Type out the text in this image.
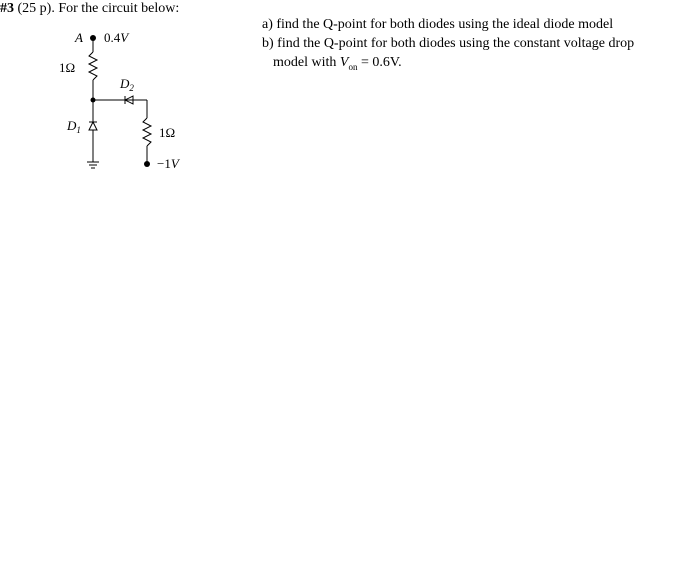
#3 (25 p). For the circuit below:
a) find the Q-point for both diodes using the ideal diode model
b) find the Q-point for both diodes using the constant voltage drop
model with $V_{on} = 0.6V$.
A 0.4V
1Ω
$D_2$
1Ω
−1V
$D_1$
